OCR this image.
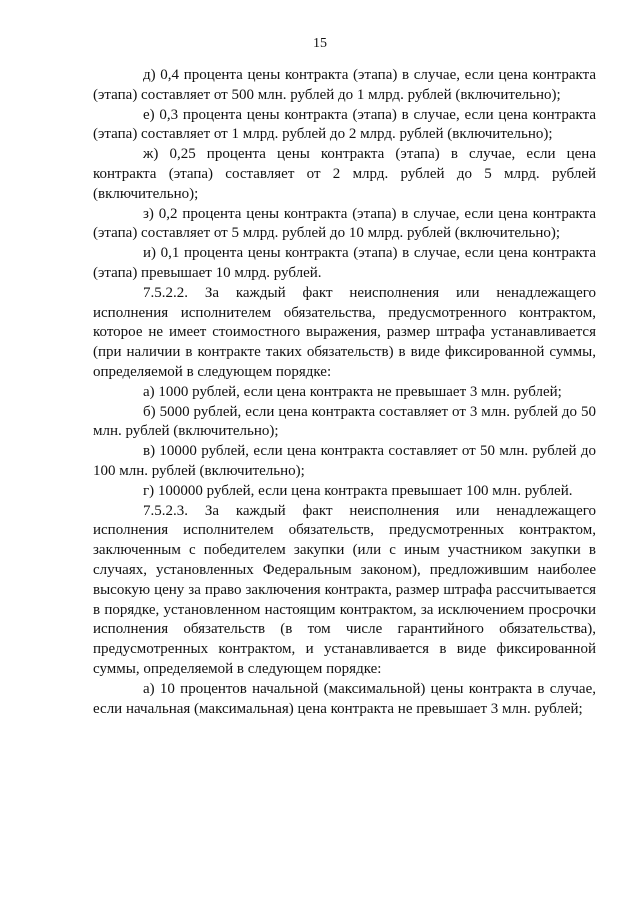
15

д) 0,4 процента цены контракта (этапа) в случае, если цена контракта (этапа) составляет от 500 млн. рублей до 1 млрд. рублей (включительно);

е) 0,3 процента цены контракта (этапа) в случае, если цена контракта (этапа) составляет от 1 млрд. рублей до 2 млрд. рублей (включительно);

ж) 0,25 процента цены контракта (этапа) в случае, если цена контракта (этапа) составляет от 2 млрд. рублей до 5 млрд. рублей (включительно);

з) 0,2 процента цены контракта (этапа) в случае, если цена контракта (этапа) составляет от 5 млрд. рублей до 10 млрд. рублей (включительно);

и) 0,1 процента цены контракта (этапа) в случае, если цена контракта (этапа) превышает 10 млрд. рублей.

7.5.2.2. За каждый факт неисполнения или ненадлежащего исполнения исполнителем обязательства, предусмотренного контрактом, которое не имеет стоимостного выражения, размер штрафа устанавливается (при наличии в контракте таких обязательств) в виде фиксированной суммы, определяемой в следующем порядке:

а) 1000 рублей, если цена контракта не превышает 3 млн. рублей;

б) 5000 рублей, если цена контракта составляет от 3 млн. рублей до 50 млн. рублей (включительно);

в) 10000 рублей, если цена контракта составляет от 50 млн. рублей до 100 млн. рублей (включительно);

г) 100000 рублей, если цена контракта превышает 100 млн. рублей.

7.5.2.3. За каждый факт неисполнения или ненадлежащего исполнения исполнителем обязательств, предусмотренных контрактом, заключенным с победителем закупки (или с иным участником закупки в случаях, установленных Федеральным законом), предложившим наиболее высокую цену за право заключения контракта, размер штрафа рассчитывается в порядке, установленном настоящим контрактом, за исключением просрочки исполнения обязательств (в том числе гарантийного обязательства), предусмотренных контрактом, и устанавливается в виде фиксированной суммы, определяемой в следующем порядке:

а) 10 процентов начальной (максимальной) цены контракта в случае, если начальная (максимальная) цена контракта не превышает 3 млн. рублей;
